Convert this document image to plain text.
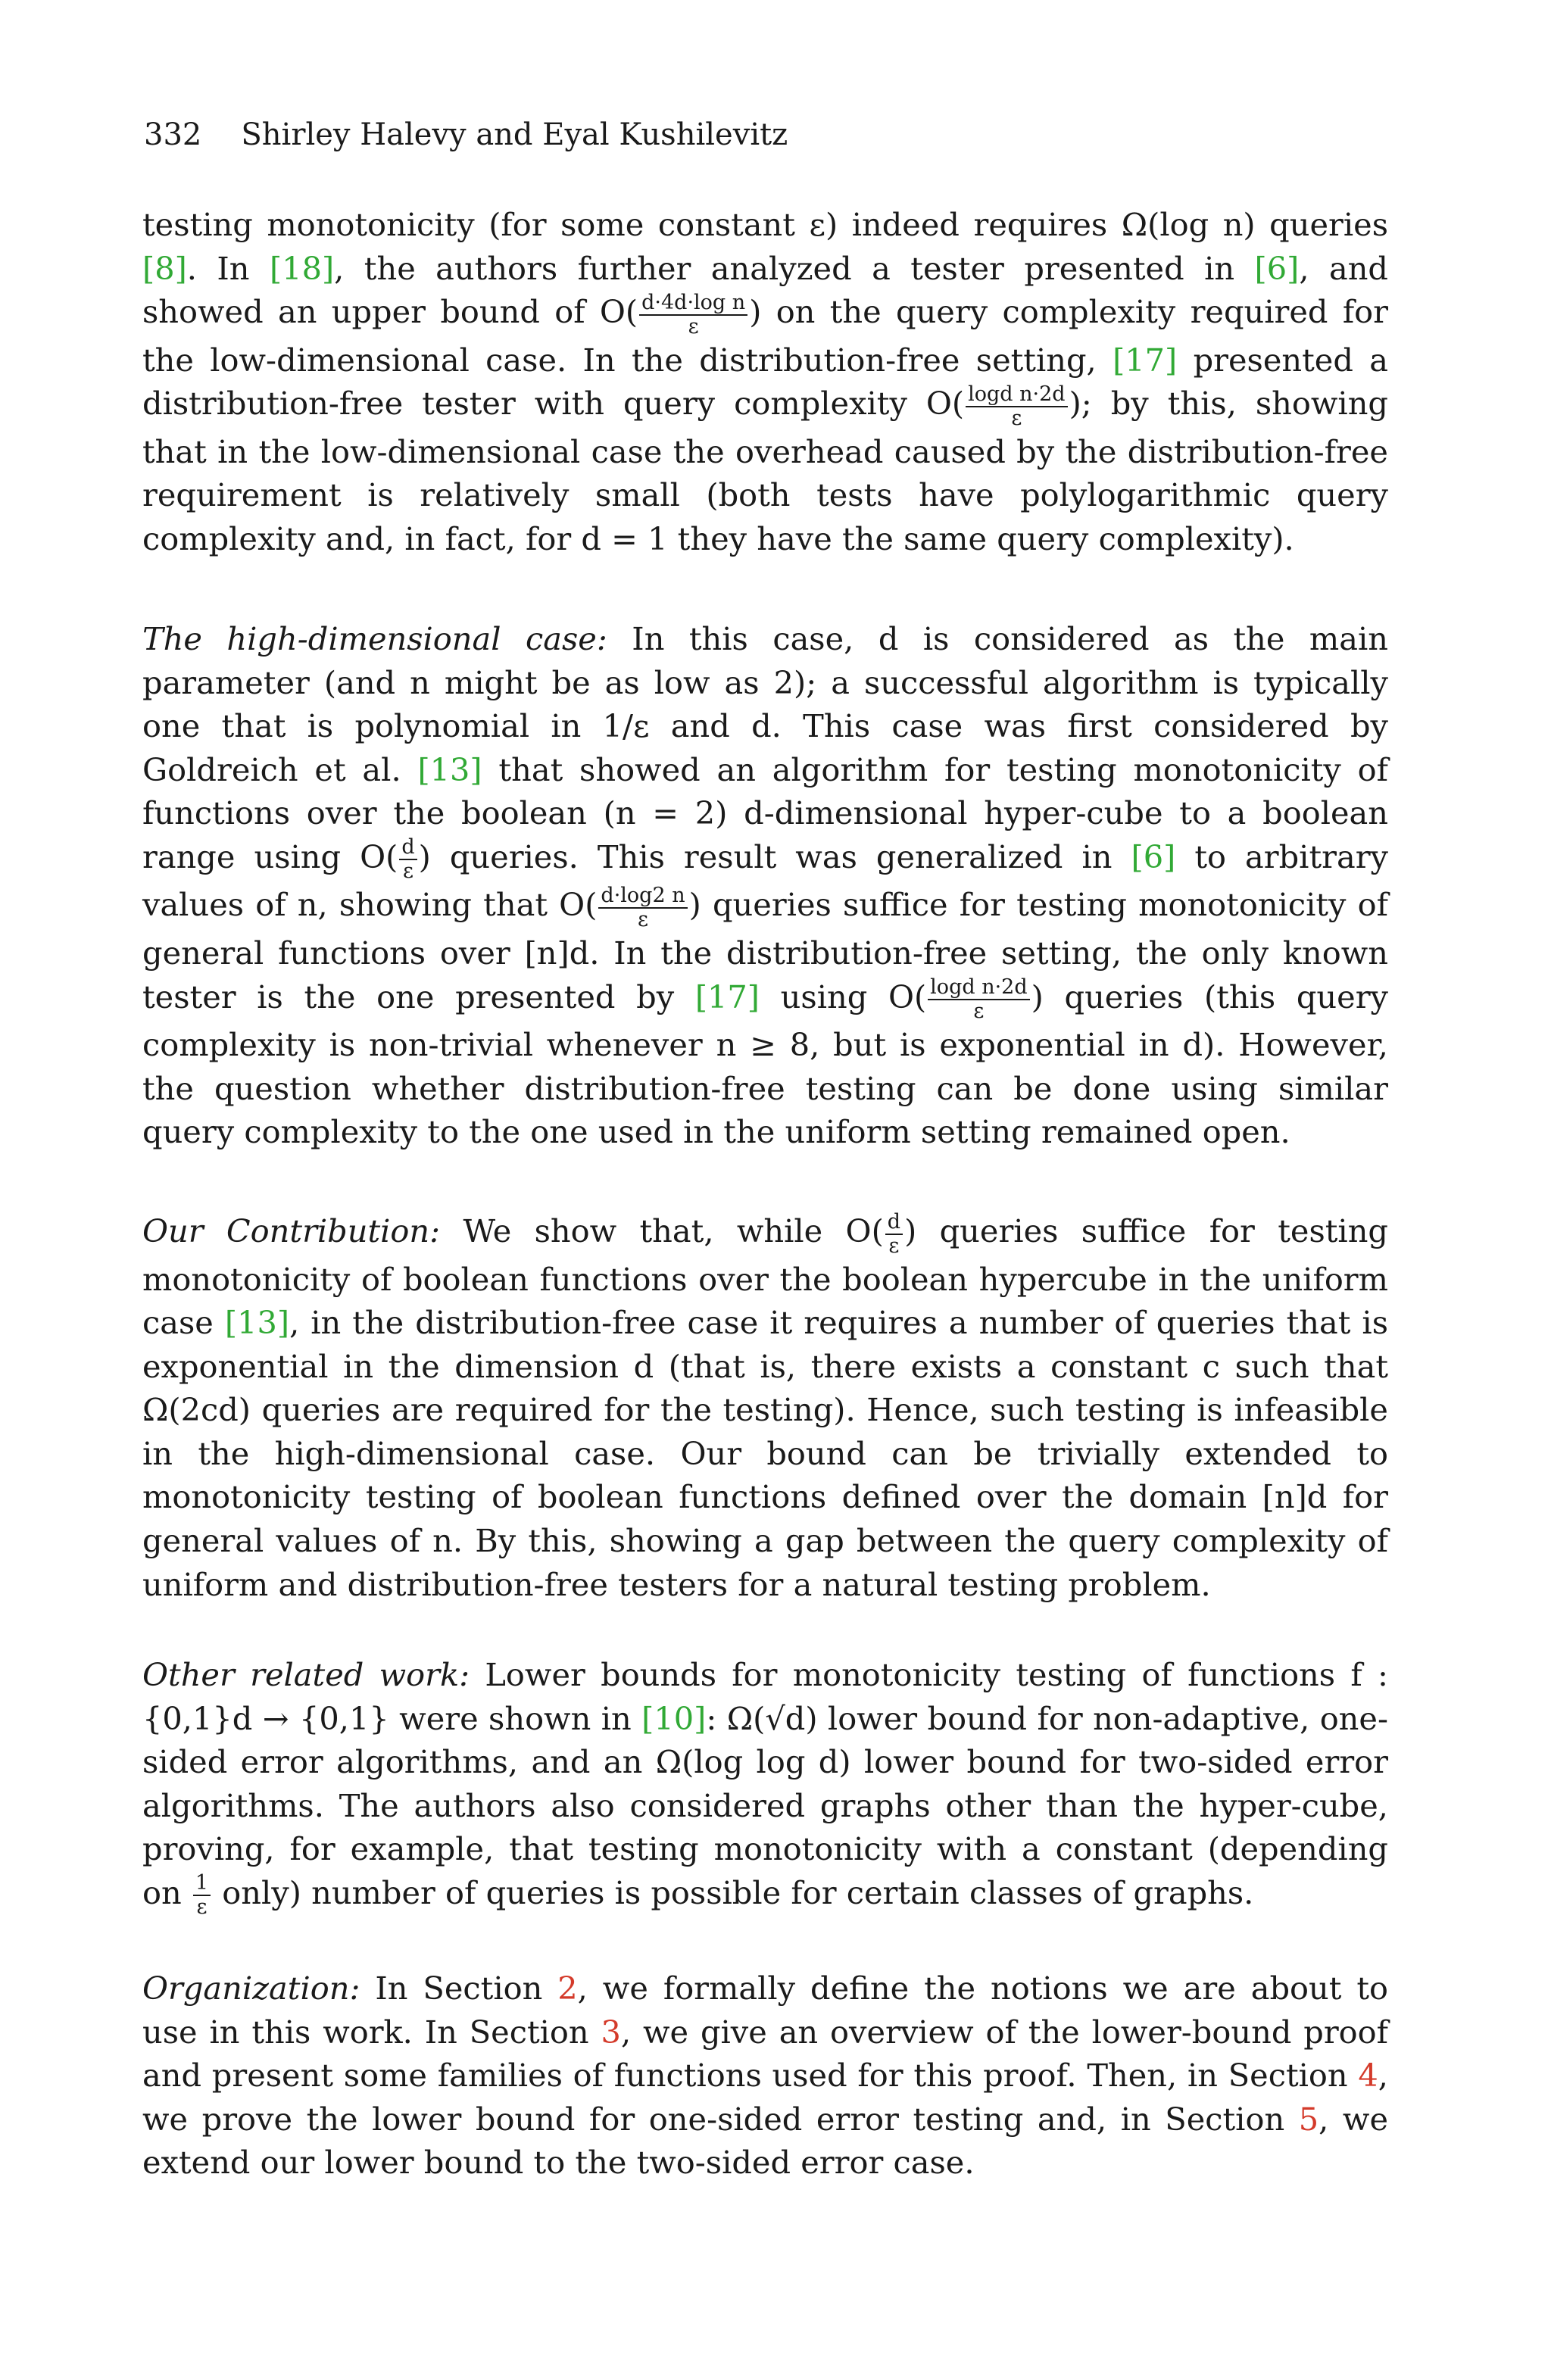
332 Shirley Halevy and Eyal Kushilevitz

testing monotonicity (for some constant ε) indeed requires Ω(log n) queries [8]. In [18], the authors further analyzed a tester presented in [6], and showed an upper bound of $O( \frac{\text{d·4d·log n}}{\varepsilon}$ ) on the query complexity required for the low-dimensional case. In the distribution-free setting, [17] presented a distribution-free tester with query complexity $O( \frac{\text{logd n·2d}}{\varepsilon}$ ); by this, showing that in the low-dimensional case the overhead caused by the distribution-free requirement is relatively small (both tests have polylogarithmic query complexity and, in fact, for d = 1 they have the same query complexity).

The high-dimensional case: In this case, d is considered as the main parameter (and n might be as low as 2); a successful algorithm is typically one that is polynomial in 1/ε and d. This case was first considered by Goldreich et al. [13] that showed an algorithm for testing monotonicity of functions over the boolean (n = 2) d-dimensional hyper-cube to a boolean range using $O( \frac{d}{\varepsilon}$ ) queries. This result was generalized in [6] to arbitrary values of n, showing that $O( \frac{d\cdot\log 2 n}{\varepsilon}$ ) queries suffice for testing monotonicity of general functions over [n]d. In the distribution-free setting, the only known tester is the one presented by [17] using $O( \frac{\text{logd n·2d}}{\varepsilon}$ ) queries (this query complexity is non-trivial whenever n ≥ 8, but is exponential in d). However, the question whether distribution-free testing can be done using similar query complexity to the one used in the uniform setting remained open.

Our Contribution: We show that, while $O( \frac{d}{\varepsilon}$ ) queries suffice for testing monotonicity of boolean functions over the boolean hypercube in the uniform case [13], in the distribution-free case it requires a number of queries that is exponential in the dimension d (that is, there exists a constant c such that Ω(2cd) queries are required for the testing). Hence, such testing is infeasible in the high-dimensional case. Our bound can be trivially extended to monotonicity testing of boolean functions defined over the domain [n]d for general values of n. By this, showing a gap between the query complexity of uniform and distribution-free testers for a natural testing problem.

Other related work: Lower bounds for monotonicity testing of functions f : {0,1}d → {0,1} were shown in [10]: Ω(√d) lower bound for non-adaptive, one-sided error algorithms, and an Ω(log log d) lower bound for two-sided error algorithms. The authors also considered graphs other than the hyper-cube, proving, for example, that testing monotonicity with a constant (depending on $\frac{1}{\varepsilon}$ only) number of queries is possible for certain classes of graphs.

Organization: In Section 2, we formally define the notions we are about to use in this work. In Section 3, we give an overview of the lower-bound proof and present some families of functions used for this proof. Then, in Section 4, we prove the lower bound for one-sided error testing and, in Section 5, we extend our lower bound to the two-sided error case.
